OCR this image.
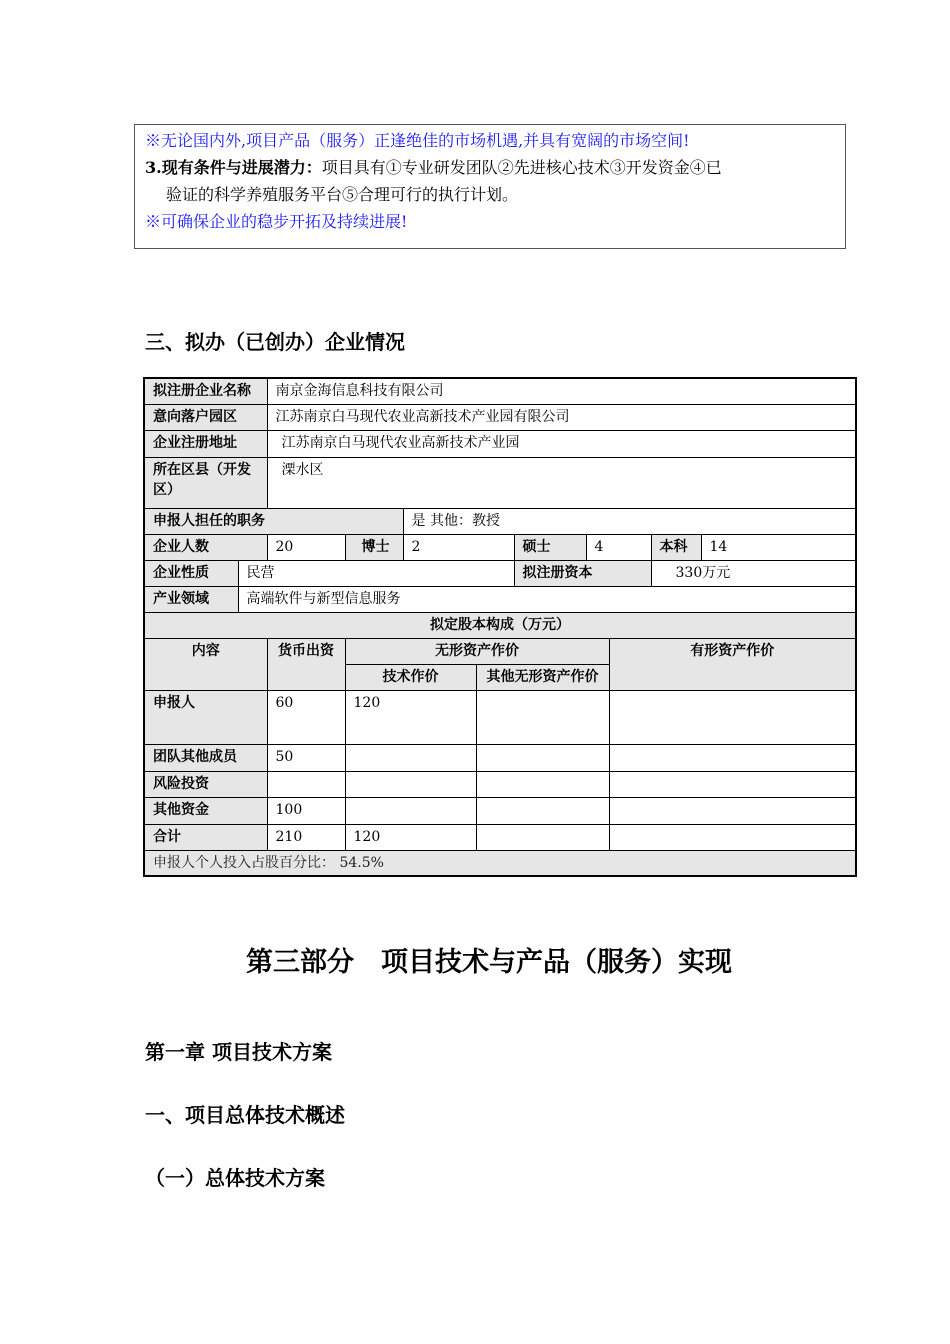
※无论国内外,项目产品（服务）正逢绝佳的市场机遇,并具有宽阔的市场空间!
3.现有条件与进展潜力：项目具有①专业研发团队②先进核心技术③开发资金④已
验证的科学养殖服务平台⑤合理可行的执行计划。
※可确保企业的稳步开拓及持续进展!
三、拟办（已创办）企业情况
拟注册企业名称		南京金海信息科技有限公司								
意向落户园区		江苏南京白马现代农业高新技术产业园有限公司								
企业注册地址		江苏南京白马现代农业高新技术产业园								
所在区县（开发区）		溧水区								
申报人担任的职务				是 其他：教授						
企业人数		20	博士	2		硕士	4		本科	14
企业性质	民营					拟注册资本			330万元	
产业领域	高端软件与新型信息服务									
拟定股本构成（万元）										
内容		货币出资	无形资产作价					有形资产作价		
			技术作价		其他无形资产作价					
申报人		60	120							
团队其他成员		50								
风险投资										
其他资金		100								
合计		210	120							
申报人个人投入占股百分比： 54.5%										
第三部分　项目技术与产品（服务）实现
第一章 项目技术方案
一、项目总体技术概述
（一）总体技术方案
